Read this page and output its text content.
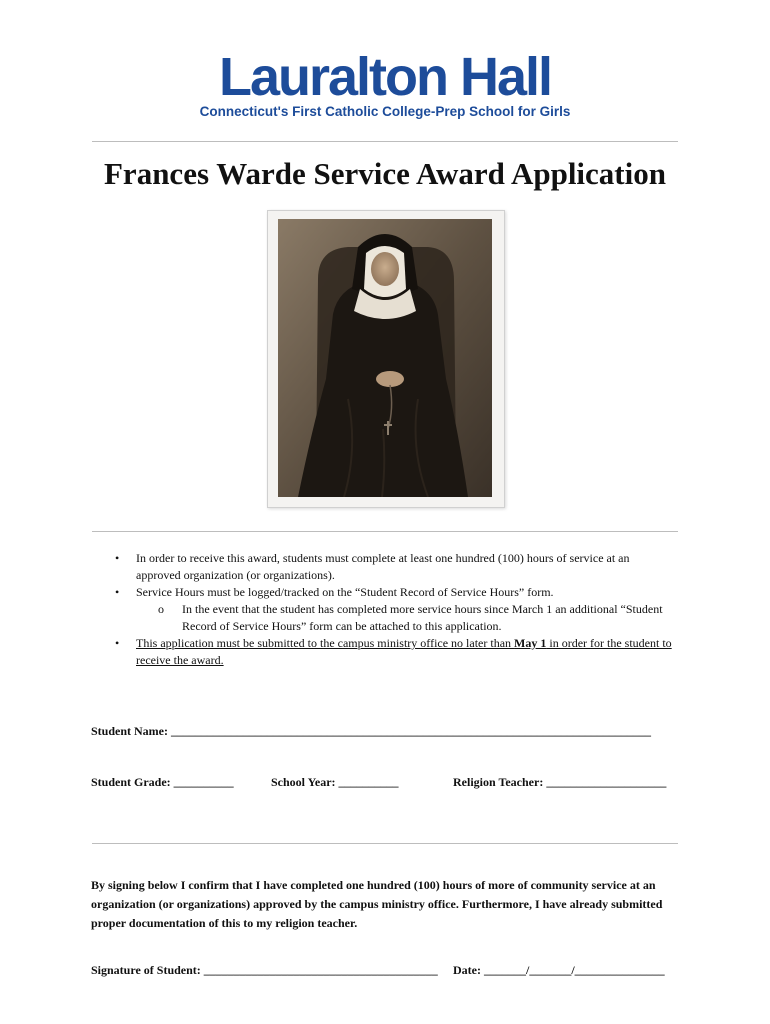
Lauralton Hall
Connecticut's First Catholic College-Prep School for Girls
Frances Warde Service Award Application
• In order to receive this award, students must complete at least one hundred (100) hours of service at an approved organization (or organizations).
• Service Hours must be logged/tracked on the “Student Record of Service Hours” form.
o In the event that the student has completed more service hours since March 1 an additional “Student Record of Service Hours” form can be attached to this application.
• This application must be submitted to the campus ministry office no later than May 1 in order for the student to receive the award.
Student Name: ________________________________________________________________________________
Student Grade: __________	School Year: __________	Religion Teacher: ____________________
By signing below I confirm that I have completed one hundred (100) hours of more of community service at an organization (or organizations) approved by the campus ministry office. Furthermore, I have already submitted proper documentation of this to my religion teacher.
Signature of Student: _______________________________________ Date: _______/_______/_______________
